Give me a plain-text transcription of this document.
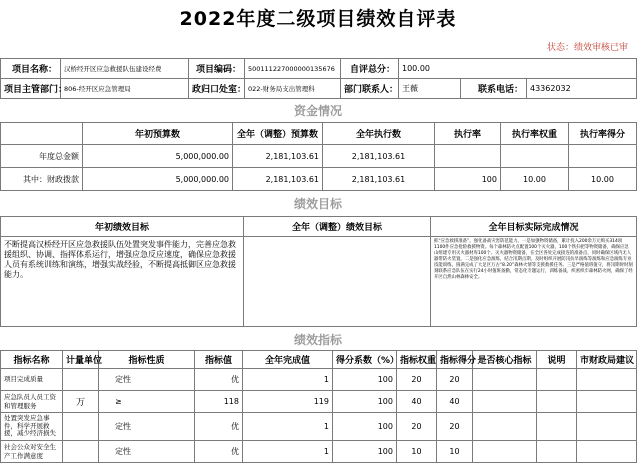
2022年度二级项目绩效自评表
状态：绩效审核已审
项目名称：	汉桥经开区应急救援队伍建设经费	项目编码：	500111227000000135676	自评总分：	100.00		
项目主管部门：	806-经开区应急管理局	政归口处室：	022-财务局支出管理科	部门联系人：	王薇	联系电话：	43362032
资金情况
	年初预算数	全年（调整）预算数	全年执行数	执行率	执行率权重	执行率得分
年度总金额	5,000,000.00	2,181,103.61	2,181,103.61			
其中：财政拨款	5,000,000.00	2,181,103.61	2,181,103.61	100	10.00	10.00
绩效目标
年初绩效目标	全年（调整）绩效目标	全年目标实际完成情况
不断提高汉桥经开区应急救援队伍处置突发事件能力，完善应急救援组织、协调、指挥体系运行，增强应急反应速度，确保应急救援人员有系统训练和演练，增强实战经验，不断提高抵御区应急救援能力。		抓“应急救援准备”，强化备战灾害防范能力。一是加强物资储备，累计投入200余万元购买314项1100件应急抢险救援物资。每个森林防火点配置100个灭火器，100个铁扫把等物资储备，确保应急山组建专用灭火器材库100个、灭火器物资储备，在全区各处完成接连的准备点，同时确保区域内无人器带防火装置。二是强化应急演练，结合汛期点期，及时组织开展防汛抗旱演练等演练和应急演练专业技能训练，圆满完成了大足区万古“8.20”森林火情等支援救援任务。三是严格值班值守，将汛期时时刻刻联系应急队伍在实行24小时值班备勤，常态化专题运行，训练备战，织密织牢森林防火网，确保了经开区自然山林森林安全。
绩效指标
指标名称	计量单位	指标性质	指标值	全年完成值	得分系数（%）	指标权重	指标得分	是否核心指标	说明	市财政局建议
项目完成质量		定性	优	1	100	20	20			
应急队员人员工资和管理服务	万	≥	118	119	100	40	40			
处置突发应急事件，科学开展救援，减少经济损失		定性	优	1	100	20	20			
社会公众对安全生产工作满意度		定性	优	1	100	10	10			
